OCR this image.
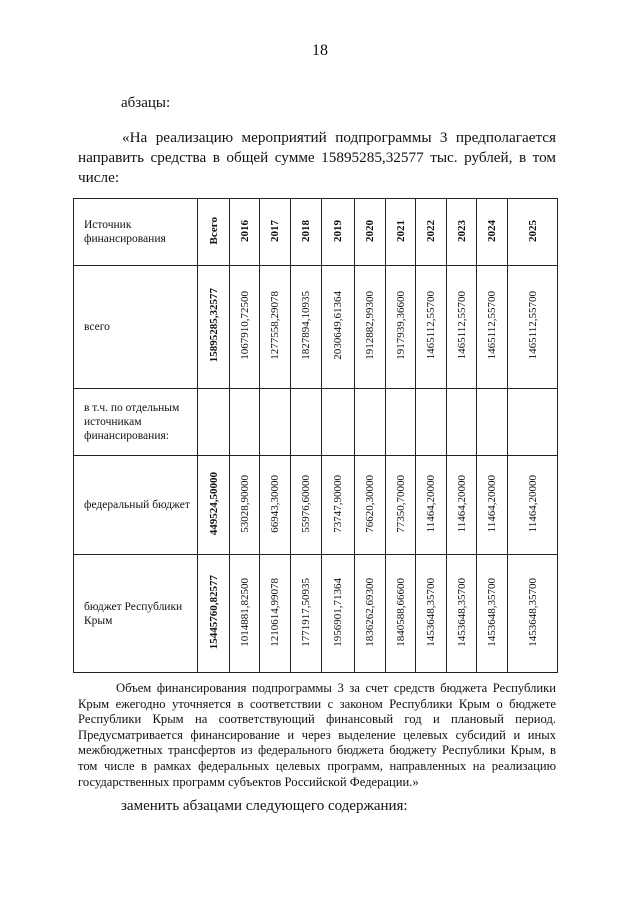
18
абзацы:

«На реализацию мероприятий подпрограммы 3 предполагается направить средства в общей сумме 15895285,32577 тыс. рублей, в том числе:

Источник финансирования	Всего	2016	2017	2018	2019	2020	2021	2022	2023	2024	2025
всего	15895285,32577	1067910,72500	1277558,29078	1827894,10935	2030649,61364	1912882,99300	1917939,36600	1465112,55700	1465112,55700	1465112,55700	1465112,55700
в т.ч. по отдельным источникам финансирования:											
федеральный бюджет	449524,50000	53028,90000	66943,30000	55976,60000	73747,90000	76620,30000	77350,70000	11464,20000	11464,20000	11464,20000	11464,20000
бюджет Республики Крым	15445760,82577	1014881,82500	1210614,99078	1771917,50935	1956901,71364	1836262,69300	1840588,66600	1453648,35700	1453648,35700	1453648,35700	1453648,35700

Объем финансирования подпрограммы 3 за счет средств бюджета Республики Крым ежегодно уточняется в соответствии с законом Республики Крым о бюджете Республики Крым на соответствующий финансовый год и плановый период. Предусматривается финансирование и через выделение целевых субсидий и иных межбюджетных трансфертов из федерального бюджета бюджету Республики Крым, в том числе в рамках федеральных целевых программ, направленных на реализацию государственных программ субъектов Российской Федерации.»

заменить абзацами следующего содержания:
